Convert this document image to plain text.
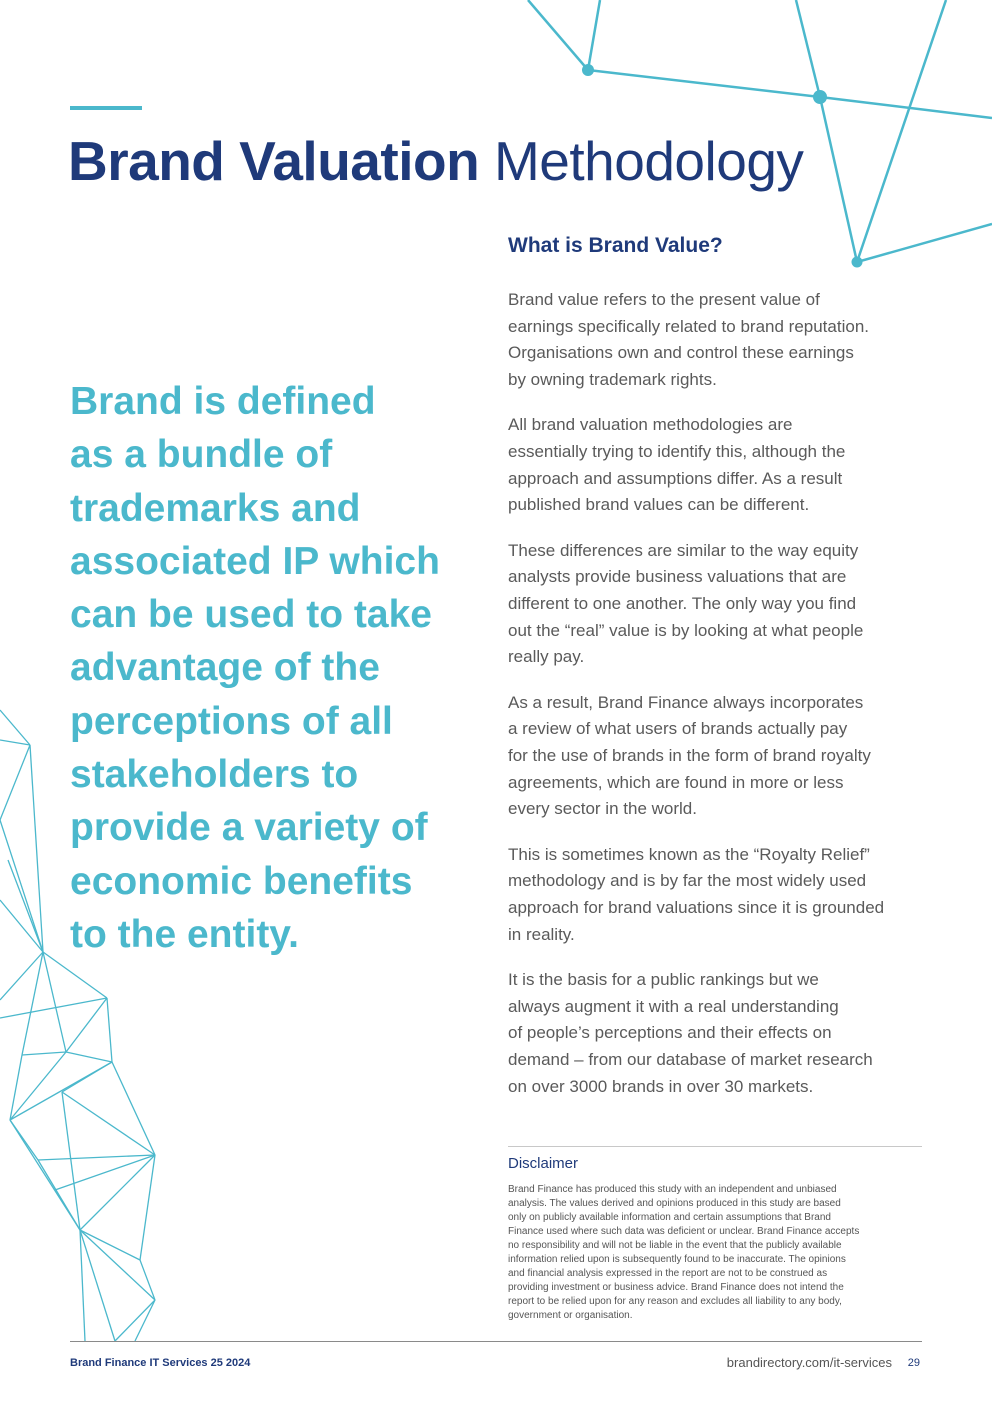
Brand Valuation Methodology
Brand is defined
as a bundle of
trademarks and
associated IP which
can be used to take
advantage of the
perceptions of all
stakeholders to
provide a variety of
economic benefits
to the entity.
What is Brand Value?

Brand value refers to the present value of
earnings specifically related to brand reputation.
Organisations own and control these earnings
by owning trademark rights.

All brand valuation methodologies are
essentially trying to identify this, although the
approach and assumptions differ. As a result
published brand values can be different.

These differences are similar to the way equity
analysts provide business valuations that are
different to one another. The only way you find
out the “real” value is by looking at what people
really pay.

As a result, Brand Finance always incorporates
a review of what users of brands actually pay
for the use of brands in the form of brand royalty
agreements, which are found in more or less
every sector in the world.

This is sometimes known as the “Royalty Relief”
methodology and is by far the most widely used
approach for brand valuations since it is grounded
in reality.

It is the basis for a public rankings but we
always augment it with a real understanding
of people’s perceptions and their effects on
demand – from our database of market research
on over 3000 brands in over 30 markets.

Disclaimer

Brand Finance has produced this study with an independent and unbiased
analysis. The values derived and opinions produced in this study are based
only on publicly available information and certain assumptions that Brand
Finance used where such data was deficient or unclear. Brand Finance accepts
no responsibility and will not be liable in the event that the publicly available
information relied upon is subsequently found to be inaccurate. The opinions
and financial analysis expressed in the report are not to be construed as
providing investment or business advice. Brand Finance does not intend the
report to be relied upon for any reason and excludes all liability to any body,
government or organisation.

Brand Finance IT Services 25 2024	brandirectory.com/it-services 29
